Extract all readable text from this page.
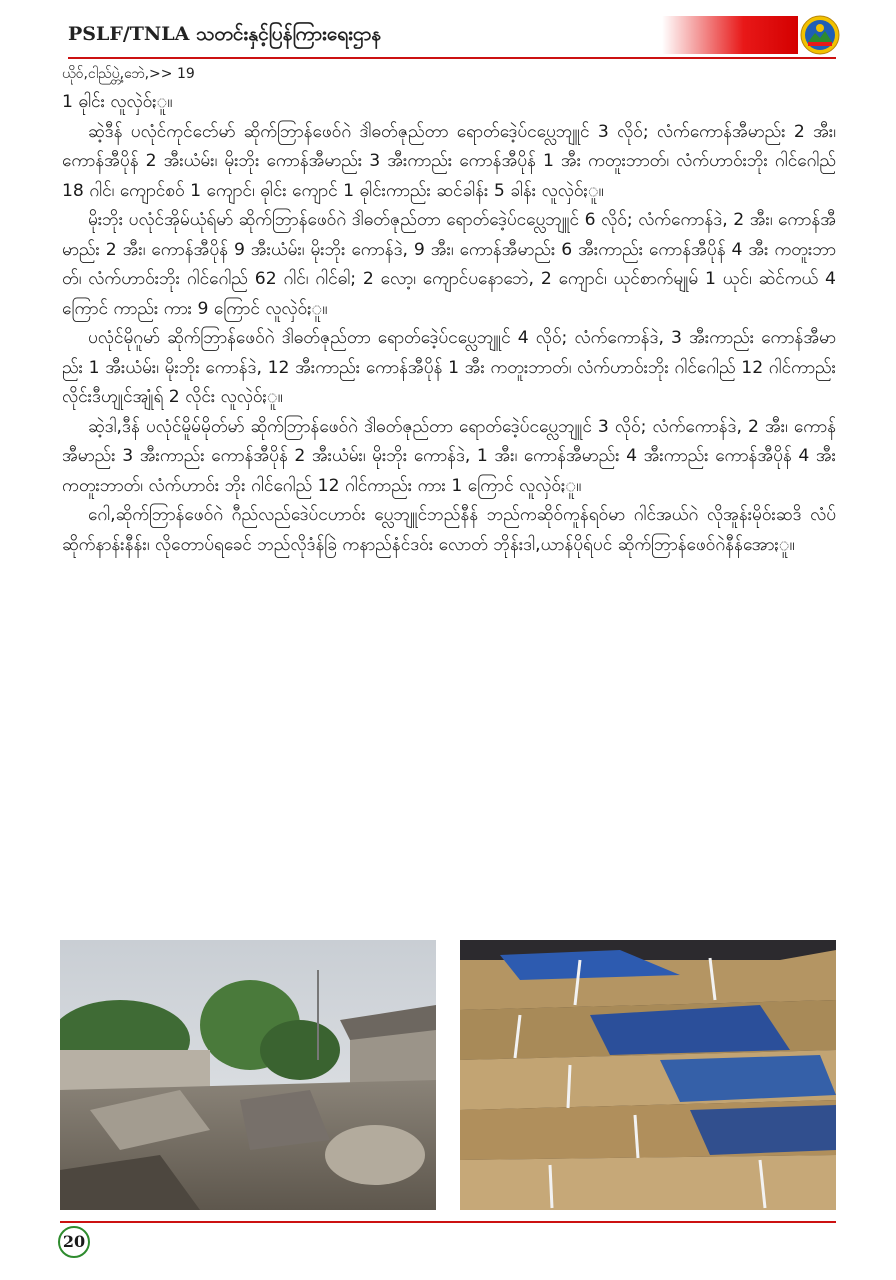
PSLF/TNLA သတင်းနှင့်ပြန်ကြားရေးဌာန
ယိုဝ်,ငါည်ပ္တဲ့,ဘေဲ,>> 19

1 ဓုါင်း လူလှဲဝ်ႏူ။

ဆဲ့ဒီန် ပလုံင်ကုင်ငော်မာ် ဆိုက်ဘြာန်ဖေဝ်ဂဲ ဒါဲဓတ်ဇုည်တာ ရောတ်ဒေဲ့ပ်ငပ္လေဘျူင် 3 လိုဝ်; လံက်ကောန်အီမာည်း 2 အီး၊ ကောန်အီပိုန် 2 အီးယံမ်း၊ မိုးဘိုး ကောန်အီမာည်း 3 အီးကာည်း ကောန်အီပိုန် 1 အီး ကတူးဘာတ်၊ လံက်ဟာဝ်းဘိုး ဂါင်ဂေါည် 18 ဂါင်၊ ကျောင်စဝ် 1 ကျောင်၊ ဓုါင်း ကျောင် 1 ဓုါင်းကာည်း ဆင်ခါန်း 5 ခါန်း လူလှဲဝ်ႏူ။

မိုးဘိုး ပလုံင်အိုမ်ယုံရ်မာ် ဆိုက်ဘြာန်ဖေဝ်ဂဲ ဒါဲဓတ်ဇုည်တာ ရောတ်ဒေဲ့ပ်ငပ္လေဘျူင် 6 လိုဝ်; လံက်ကောန်ဒဲ, 2 အီး၊ ကောန်အီမာည်း 2 အီး၊ ကောန်အီပိုန် 9 အီးယံမ်း၊ မိုးဘိုး ကောန်ဒဲ, 9 အီး၊ ကောန်အီမာည်း 6 အီးကာည်း ကောန်အီပိုန် 4 အီး ကတူးဘာတ်၊ လံက်ဟာဝ်းဘိုး ဂါင်ဂေါည် 62 ဂါင်၊ ဂါင်ဓါ; 2 လော့၊ ကျောင်ပနောဘေဲ, 2 ကျောင်၊ ယုင်စာက်မျုမ် 1 ယုင်၊ ဆဲင်ကယ် 4 ကြောင် ကာည်း ကား 9 ကြောင် လူလှဲဝ်ႏူ။

ပလုံင်မိုဂူမာ် ဆိုက်ဘြာန်ဖေဝ်ဂဲ ဒါဲဓတ်ဇုည်တာ ရောတ်ဒေဲ့ပ်ငပ္လေဘျူင် 4 လိုဝ်; လံက်ကောန်ဒဲ, 3 အီးကာည်း ကောန်အီမာည်း 1 အီးယံမ်း၊ မိုးဘိုး ကောန်ဒဲ, 12 အီးကာည်း ကောန်အီပိုန် 1 အီး ကတူးဘာတ်၊ လံက်ဟာဝ်းဘိုး ဂါင်ဂေါည် 12 ဂါင်ကာည်း လိုင်းဒီဟျုင်အျုံရ် 2 လိုင်း လူလှဲဝ်ႏူ။

ဆဲ့ဒါ,ဒီန် ပလုံင်မိူမ်မိုတ်မာ် ဆိုက်ဘြာန်ဖေဝ်ဂဲ ဒါဲဓတ်ဇုည်တာ ရောတ်ဒေဲ့ပ်ငပ္လေဘျူင် 3 လိုဝ်; လံက်ကောန်ဒဲ, 2 အီး၊ ကောန်အီမာည်း 3 အီးကာည်း ကောန်အီပိုန် 2 အီးယံမ်း၊ မိုးဘိုး ကောန်ဒဲ, 1 အီး၊ ကောန်အီမာည်း 4 အီးကာည်း ကောန်အီပိုန် 4 အီး ကတူးဘာတ်၊ လံက်ဟာဝ်း ဘိုး ဂါင်ဂေါည် 12 ဂါင်ကာည်း ကား 1 ကြောင် လူလှဲဝ်ႏူ။

ဂေါ,ဆိုက်ဘြာန်ဖေဝ်ဂဲ ဂီည်လည်ဒေဲပ်ငဟာဝ်း ပ္လေဘျူင်ဘည်နီန် ဘည်ကဆိုဝ်ကူန်ရဝ်မာ ဂါင်အယ်ဂဲ လိုအူန်းမိုဝ်းဆဒိ လံပ်ဆိုက်နာန်းနီန်း၊ လိုတောပ်ရခေင် ဘည်လိုဒံန်ခြဲ ကနာည်နံင်ဒဝ်း လောတ် ဘိုန်းဒါ,ယာန်ပိုရ်ပင် ဆိုက်ဘြာန်ဖေဝ်ဂဲနီန်အောႏူ။

20
